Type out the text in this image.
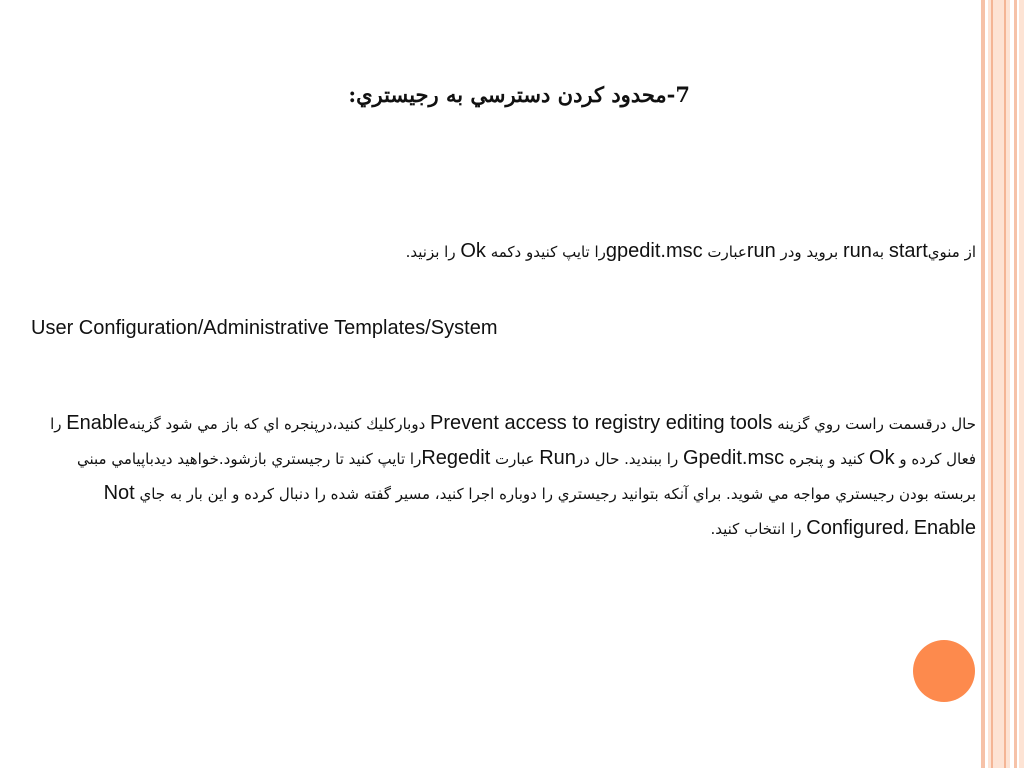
7-محدود كردن دسترسي به رجيستري:
از منويstart بهrun برويد ودر runعبارت gpedit.mscرا تايپ كنيدو دكمه Ok را بزنيد.
User Configuration/Administrative Templates/System
حال درقسمت راست روي گزينه Prevent access to registry editing tools دوباركليك كنيد،درپنجره اي كه باز مي شود گزينهEnable را فعال كرده و Ok كنيد و پنجره Gpedit.msc را ببنديد. حال درRun عبارت Regeditرا تايپ كنيد تا رجيستري بازشود.خواهيد ديدباپيامي مبني بربسته بودن رجيستري مواجه مي شويد. براي آنكه بتوانيد رجيستري را دوباره اجرا كنيد، مسير گفته شده را دنبال كرده و اين بار به جاي Not Configured، Enable را انتخاب كنيد.
